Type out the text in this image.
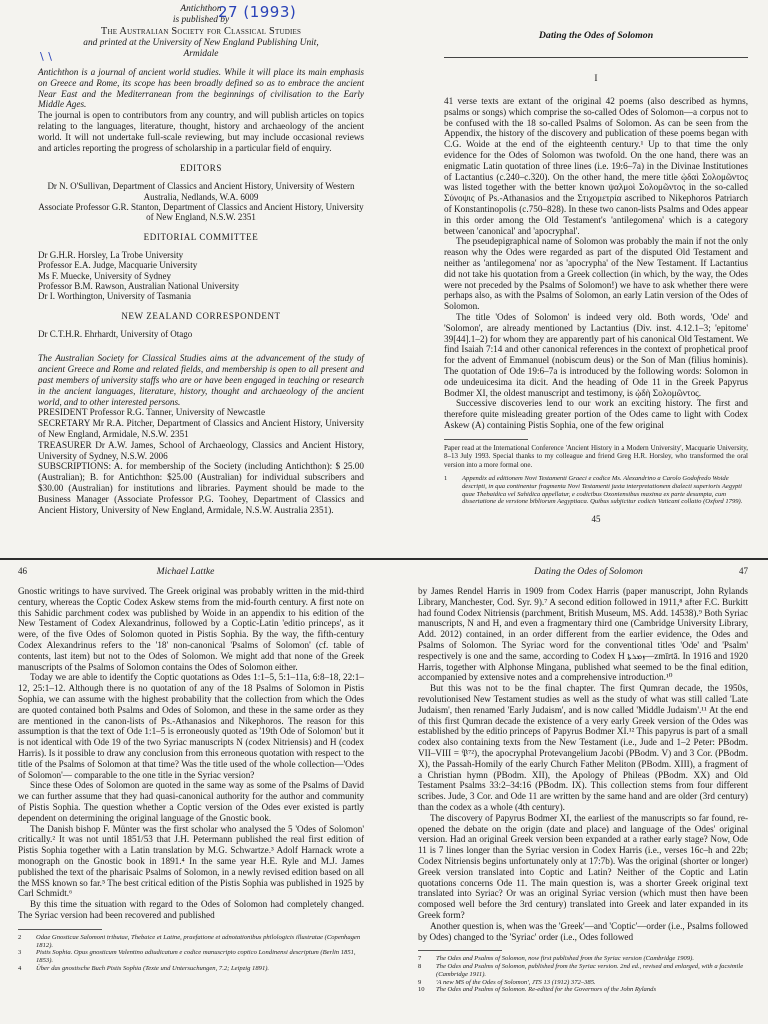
Antichthon
27 (1993)
is published by
The Australian Society for Classical Studies
and printed at the University of New England Publishing Unit,
Armidale
\ \

Antichthon is a journal of ancient world studies. While it will place its main emphasis on Greece and Rome, its scope has been broadly defined so as to embrace the ancient Near East and the Mediterranean from the beginnings of civilisation to the Early Middle Ages.

The journal is open to contributors from any country, and will publish articles on topics relating to the languages, literature, thought, history and archaeology of the ancient world. It will not undertake full-scale reviewing, but may include occasional reviews and articles reporting the progress of scholarship in a particular field of enquiry.

EDITORS

Dr N. O'Sullivan, Department of Classics and Ancient History, University of Western Australia, Nedlands, W.A. 6009

Associate Professor G.R. Stanton, Department of Classics and Ancient History, University of New England, N.S.W. 2351

EDITORIAL COMMITTEE

Dr G.H.R. Horsley, La Trobe University

Professor E.A. Judge, Macquarie University

Ms F. Muecke, University of Sydney

Professor B.M. Rawson, Australian National University

Dr I. Worthington, University of Tasmania

NEW ZEALAND CORRESPONDENT

Dr C.T.H.R. Ehrhardt, University of Otago

The Australian Society for Classical Studies aims at the advancement of the study of ancient Greece and Rome and related fields, and membership is open to all present and past members of university staffs who are or have been engaged in teaching or research in the ancient languages, literature, history, thought and archaeology of the ancient world, and to other interested persons.

PRESIDENT Professor R.G. Tanner, University of Newcastle

SECRETARY Mr R.A. Pitcher, Department of Classics and Ancient History, University of New England, Armidale, N.S.W. 2351

TREASURER Dr A.W. James, School of Archaeology, Classics and Ancient History, University of Sydney, N.S.W. 2006

SUBSCRIPTIONS: A. for membership of the Society (including Antichthon): $ 25.00 (Australian); B. for Antichthon: $25.00 (Australian) for individual subscribers and $30.00 (Australian) for institutions and libraries. Payment should be made to the Business Manager (Associate Professor P.G. Toohey, Department of Classics and Ancient History, University of New England, Armidale, N.S.W. Australia 2351).

Dating the Odes of Solomon
I

41 verse texts are extant of the original 42 poems (also described as hymns, psalms or songs) which comprise the so-called Odes of Solomon—a corpus not to be confused with the 18 so-called Psalms of Solomon. As can be seen from the Appendix, the history of the discovery and publication of these poems began with C.G. Woide at the end of the eighteenth century.¹ Up to that time the only evidence for the Odes of Solomon was twofold. On the one hand, there was an enigmatic Latin quotation of three lines (i.e. 19:6–7a) in the Divinae Institutiones of Lactantius (c.240–c.320). On the other hand, the mere title ᾠδαὶ Σολομῶντος was listed together with the better known ψαλμοὶ Σολομῶντος in the so-called Σύνοψις of Ps.-Athanasios and the Στιχομετρία ascribed to Nikephoros Patriarch of Konstantinopolis (c.750–828). In these two canon-lists Psalms and Odes appear in this order among the Old Testament's 'antilegomena' which is a category between 'canonical' and 'apocryphal'.

The pseudepigraphical name of Solomon was probably the main if not the only reason why the Odes were regarded as part of the disputed Old Testament and neither as 'antilegomena' nor as 'apocrypha' of the New Testament. If Lactantius did not take his quotation from a Greek collection (in which, by the way, the Odes were not preceded by the Psalms of Solomon!) we have to ask whether there were perhaps also, as with the Psalms of Solomon, an early Latin version of the Odes of Solomon.

The title 'Odes of Solomon' is indeed very old. Both words, 'Ode' and 'Solomon', are already mentioned by Lactantius (Div. inst. 4.12.1–3; 'epitome' 39[44].1–2) for whom they are apparently part of his canonical Old Testament. We find Isaiah 7:14 and other canonical references in the context of prophetical proof for the advent of Emmanuel (nobiscum deus) or the Son of Man (filius hominis). The quotation of Ode 19:6–7a is introduced by the following words: Solomon in ode undeuicesima ita dicit. And the heading of Ode 11 in the Greek Papyrus Bodmer XI, the oldest manuscript and testimony, is ᾠδὴ Σολομῶντος.

Successive discoveries lend to our work an exciting history. The first and therefore quite misleading greater portion of the Odes came to light with Codex Askew (A) containing Pistis Sophia, one of the few original

Paper read at the International Conference 'Ancient History in a Modern University', Macquarie University, 8–13 July 1993. Special thanks to my colleague and friend Greg H.R. Horsley, who transformed the oral version into a more formal one.

1	Appendix ad editionem Novi Testamenti Graeci e codice Ms. Alexandrino a Carolo Godofredo Woide descripti, in qua continentur fragmenta Novi Testamenti juxta interpretationem dialecti superioris Aegypti quae Thebaidica vel Sahidica appellatur, e codicibus Oxoniensibus maxima ex parte desumpta, cum dissertatione de versione bibliorum Aegyptiaca. Quibus subjicitur codicis Vaticani collatio (Oxford 1799).
45
46	Michael Lattke

Gnostic writings to have survived. The Greek original was probably written in the mid-third century, whereas the Coptic Codex Askew stems from the mid-fourth century. A first note on this Sahidic parchment codex was published by Woide in an appendix to his edition of the New Testament of Codex Alexandrinus, followed by a Coptic-Latin 'editio princeps', as it were, of the five Odes of Solomon quoted in Pistis Sophia. By the way, the fifth-century Codex Alexandrinus refers to the '18' non-canonical 'Psalms of Solomon' (cf. table of contents, last item) but not to the Odes of Solomon. We might add that none of the Greek manuscripts of the Psalms of Solomon contains the Odes of Solomon either.

Today we are able to identify the Coptic quotations as Odes 1:1–5, 5:1–11a, 6:8–18, 22:1–12, 25:1–12. Although there is no quotation of any of the 18 Psalms of Solomon in Pistis Sophia, we can assume with the highest probability that the collection from which the Odes are quoted contained both Psalms and Odes of Solomon, and these in the same order as they are mentioned in the canon-lists of Ps.-Athanasios and Nikephoros. The reason for this assumption is that the text of Ode 1:1–5 is erroneously quoted as '19th Ode of Solomon' but it is not identical with Ode 19 of the two Syriac manuscripts N (codex Nitriensis) and H (codex Harris). Is it possible to draw any conclusion from this erroneous quotation with respect to the title of the Psalms of Solomon at that time? Was the title used of the whole collection—'Odes of Solomon'— comparable to the one title in the Syriac version?

Since these Odes of Solomon are quoted in the same way as some of the Psalms of David we can further assume that they had quasi-canonical authority for the author and community of Pistis Sophia. The question whether a Coptic version of the Odes ever existed is partly dependent on determining the original language of the Gnostic book.

The Danish bishop F. Münter was the first scholar who analysed the 5 'Odes of Solomon' critically.² It was not until 1851/53 that J.H. Petermann published the real first edition of Pistis Sophia together with a Latin translation by M.G. Schwartze.³ Adolf Harnack wrote a monograph on the Gnostic book in 1891.⁴ In the same year H.E. Ryle and M.J. James published the text of the pharisaic Psalms of Solomon, in a newly revised edition based on all the MSS known so far.⁵ The best critical edition of the Pistis Sophia was published in 1925 by Carl Schmidt.⁶

By this time the situation with regard to the Odes of Solomon had completely changed. The Syriac version had been recovered and published

2	Odae Gnosticae Salomoni tributae, Thebaice et Latine, praefatione et adnotationibus philologicis illustratae (Copenhagen 1812).
3	Pistis Sophia. Opus gnosticum Valentino adiudicatum e codice manuscripto coptico Londinensi descriptum (Berlin 1851, 1853).
4	Über das gnostische Buch Pistis Sophia (Texte und Untersuchungen, 7.2; Leipzig 1891).
Dating the Odes of Solomon	47

by James Rendel Harris in 1909 from Codex Harris (paper manuscript, John Rylands Library, Manchester, Cod. Syr. 9).⁷ A second edition followed in 1911,⁸ after F.C. Burkitt had found Codex Nitriensis (parchment, British Museum, MS. Add. 14538).⁹ Both Syriac manuscripts, N and H, and even a fragmentary third one (Cambridge University Library, Add. 2012) contained, in an order different from the earlier evidence, the Odes and Psalms of Solomon. The Syriac word for the conventional titles 'Ode' and 'Psalm' respectively is one and the same, according to Codex H ܙܡܪܬܐ—zmīrtā. In 1916 and 1920 Harris, together with Alphonse Mingana, published what seemed to be the final edition, accompanied by extensive notes and a comprehensive introduction.¹⁰

But this was not to be the final chapter. The first Qumran decade, the 1950s, revolutionised New Testament studies as well as the study of what was still called 'Late Judaism', then renamed 'Early Judaism', and is now called 'Middle Judaism'.¹¹ At the end of this first Qumran decade the existence of a very early Greek version of the Odes was established by the editio princeps of Papyrus Bodmer XI.¹² This papyrus is part of a small codex also containing texts from the New Testament (i.e., Jude and 1–2 Peter: PBodm. VII–VIII = 𝔓⁷²), the apocryphal Protevangelium Jacobi (PBodm. V) and 3 Cor. (PBodm. X), the Passah-Homily of the early Church Father Meliton (PBodm. XIII), a fragment of a Christian hymn (PBodm. XII), the Apology of Phileas (PBodm. XX) and Old Testament Psalms 33:2–34:16 (PBodm. IX). This collection stems from four different scribes. Jude, 3 Cor. and Ode 11 are written by the same hand and are older (3rd century) than the codex as a whole (4th century).

The discovery of Papyrus Bodmer XI, the earliest of the manuscripts so far found, re-opened the debate on the origin (date and place) and language of the Odes' original version. Had an original Greek version been expanded at a rather early stage? Now, Ode 11 is 7 lines longer than the Syriac version in Codex Harris (i.e., verses 16c–h and 22b; Codex Nitriensis begins unfortunately only at 17:7b). Was the original (shorter or longer) Greek version translated into Coptic and Latin? Neither of the Coptic and Latin quotations concerns Ode 11. The main question is, was a shorter Greek original text translated into Syriac? Or was an original Syriac version (which must then have been composed well before the 3rd century) translated into Greek and later expanded in its Greek form?

Another question is, when was the 'Greek'—and 'Coptic'—order (i.e., Psalms followed by Odes) changed to the 'Syriac' order (i.e., Odes followed

7	The Odes and Psalms of Solomon, now first published from the Syriac version (Cambridge 1909).
8	The Odes and Psalms of Solomon, published from the Syriac version. 2nd ed., revised and enlarged, with a facsimile (Cambridge 1911).
9	'A new MS of the Odes of Solomon', JTS 13 (1912) 372–385.
10	The Odes and Psalms of Solomon. Re-edited for the Governors of the John Rylands
